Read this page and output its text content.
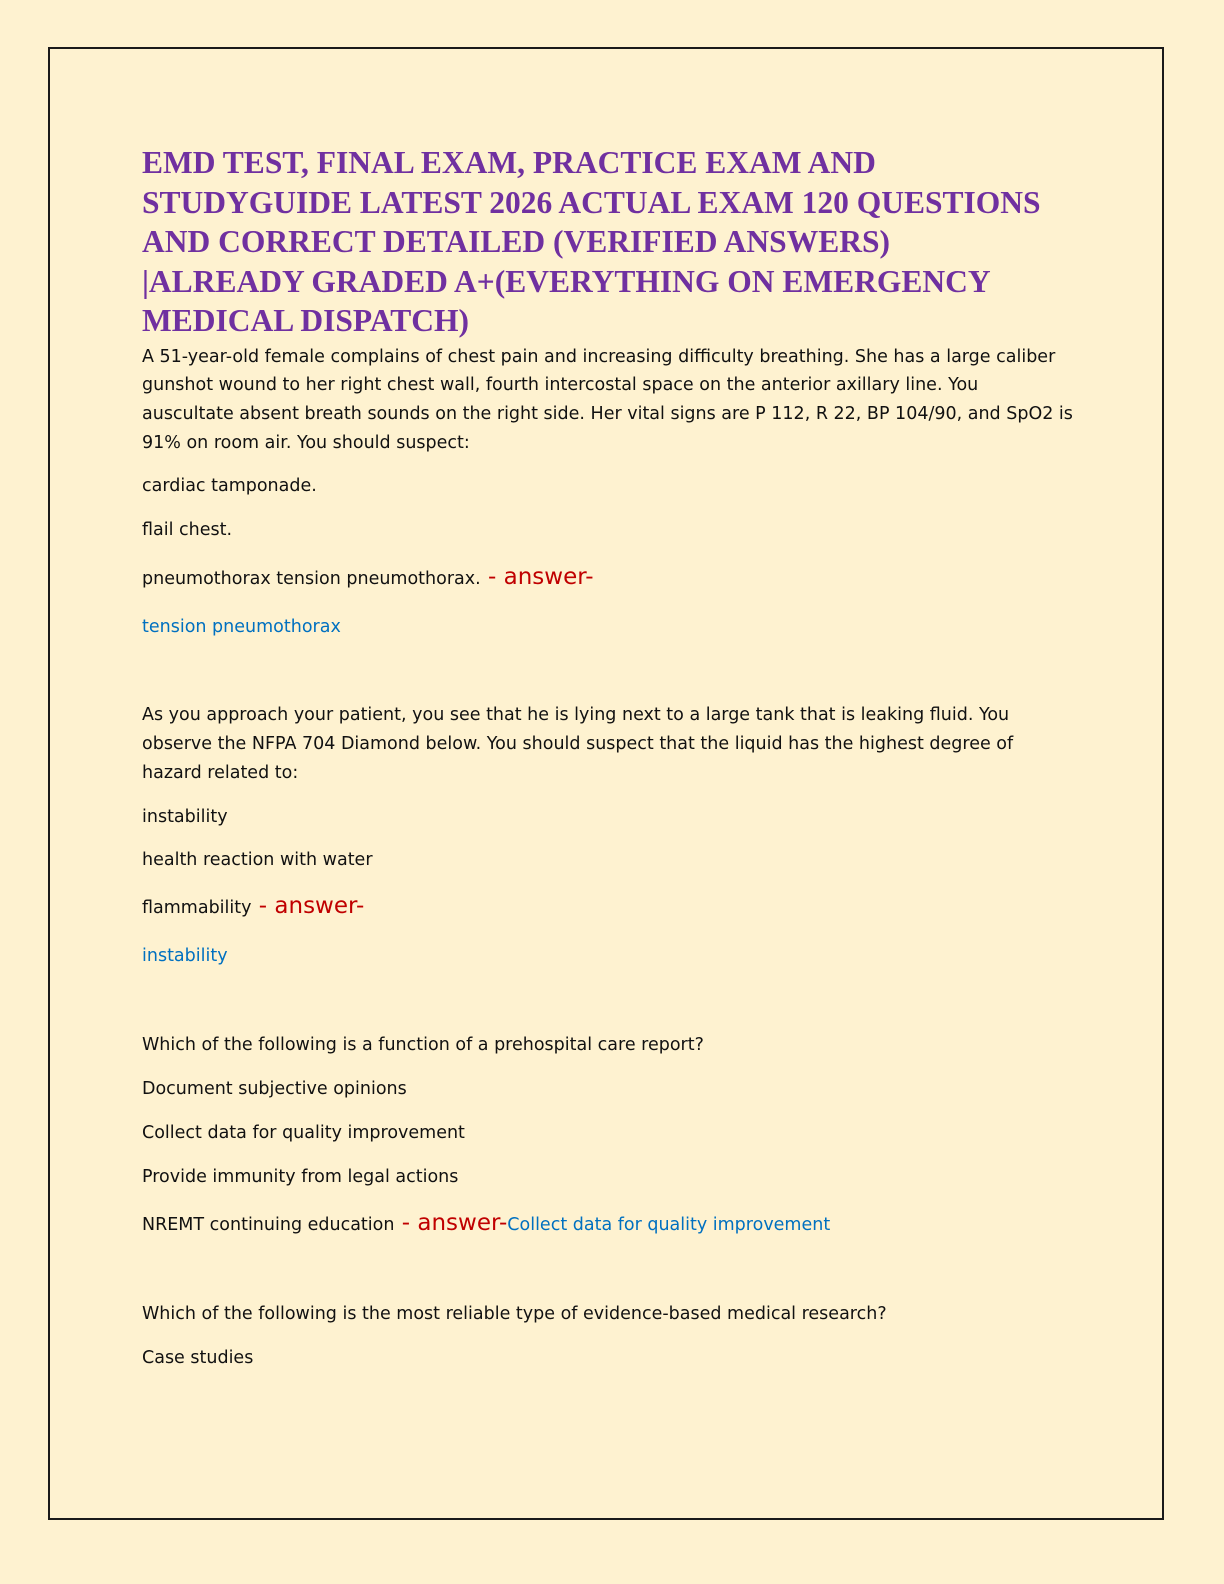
EMD TEST, FINAL EXAM, PRACTICE EXAM AND
STUDYGUIDE LATEST 2026 ACTUAL EXAM 120 QUESTIONS
AND CORRECT DETAILED (VERIFIED ANSWERS)
|ALREADY GRADED A+(EVERYTHING ON EMERGENCY
MEDICAL DISPATCH)

A 51-year-old female complains of chest pain and increasing difficulty breathing. She has a large caliber
gunshot wound to her right chest wall, fourth intercostal space on the anterior axillary line. You
auscultate absent breath sounds on the right side. Her vital signs are P 112, R 22, BP 104/90, and SpO2 is
91% on room air. You should suspect:

cardiac tamponade.

flail chest.

pneumothorax tension pneumothorax. - answer-

tension pneumothorax

As you approach your patient, you see that he is lying next to a large tank that is leaking fluid. You
observe the NFPA 704 Diamond below. You should suspect that the liquid has the highest degree of
hazard related to:

instability

health reaction with water

flammability - answer-

instability

Which of the following is a function of a prehospital care report?

Document subjective opinions

Collect data for quality improvement

Provide immunity from legal actions

NREMT continuing education - answer-Collect data for quality improvement

Which of the following is the most reliable type of evidence-based medical research?

Case studies
